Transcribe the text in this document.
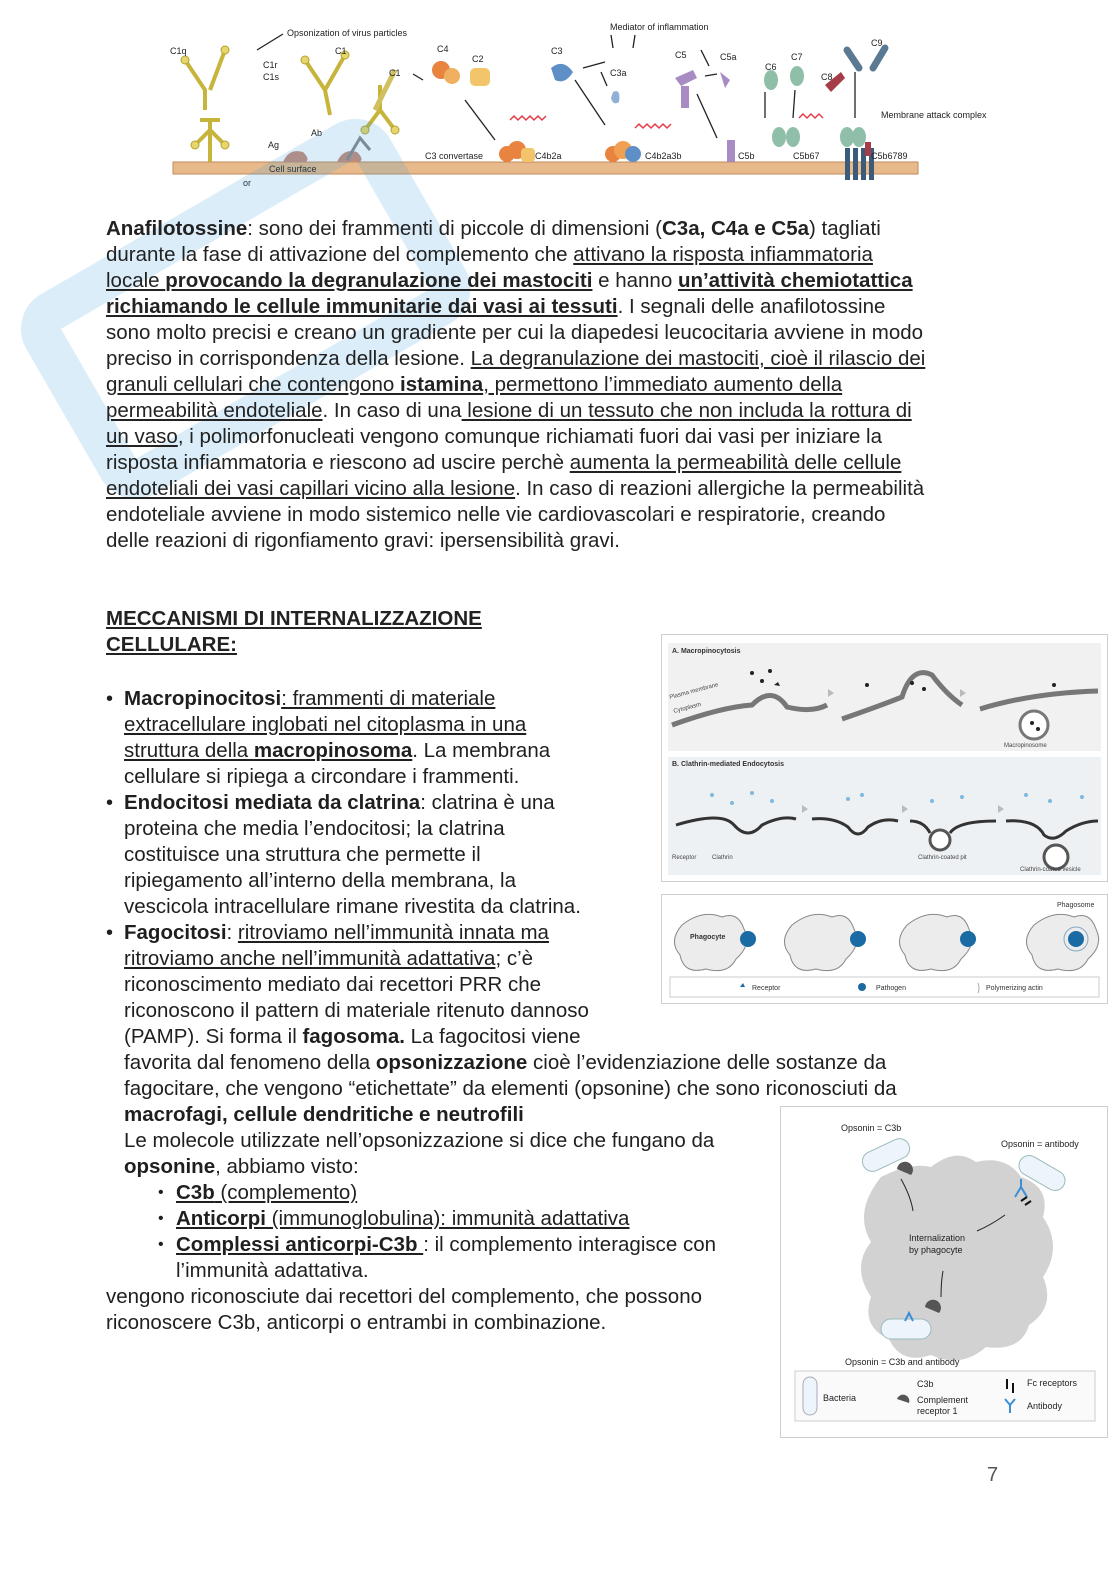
C1q
C1r
C1s
Opsonization of virus particles
C1
C1
C4
C2
C3
Mediator of inflammation
C3a
C5	C5a
C6
C7
C8
C9
Ag
Ab
Cell surface
or
C3 convertase	C4b2a	C4b2a3b	C5b	C5b67	C5b6789
Membrane attack complex
Anafilotossine: sono dei frammenti di piccole di dimensioni (C3a, C4a e C5a) tagliati
durante la fase di attivazione del complemento che attivano la risposta infiammatoria
locale provocando la degranulazione dei mastociti e hanno un’attività chemiotattica
richiamando le cellule immunitarie dai vasi ai tessuti. I segnali delle anafilotossine
sono molto precisi e creano un gradiente per cui la diapedesi leucocitaria avviene in modo
preciso in corrispondenza della lesione. La degranulazione dei mastociti, cioè il rilascio dei
granuli cellulari che contengono istamina, permettono l’immediato aumento della
permeabilità endoteliale. In caso di una lesione di un tessuto che non includa la rottura di
un vaso, i polimorfonucleati vengono comunque richiamati fuori dai vasi per iniziare la
risposta infiammatoria e riescono ad uscire perchè aumenta la permeabilità delle cellule
endoteliali dei vasi capillari vicino alla lesione. In caso di reazioni allergiche la permeabilità
endoteliale avviene in modo sistemico nelle vie cardiovascolari e respiratorie, creando
delle reazioni di rigonfiamento gravi: ipersensibilità gravi.
MECCANISMI DI INTERNALIZZAZIONE
CELLULARE:	A. Macropinocytosis
Plasma membrane
Cytoplasm
Macropinosome
B. Clathrin-mediated Endocytosis
Receptor	Clathrin	Clathrin-coated pit
Clathrin-coated vesicle
Phagocyte
Phagosome
Receptor	Pathogen	Polymerizing actin
Opsonin = C3b
Opsonin = antibody
Internalization
by phagocyte
Opsonin = C3b and antibody
Bacteria
C3b
Complement
receptor 1
Fc receptors
Antibody
• Macropinocitosi: frammenti di materiale
extracellulare inglobati nel citoplasma in una
struttura della macropinosoma. La membrana
cellulare si ripiega a circondare i frammenti.
• Endocitosi mediata da clatrina: clatrina è una
proteina che media l’endocitosi; la clatrina
costituisce una struttura che permette il
ripiegamento all’interno della membrana, la
vescicola intracellulare rimane rivestita da clatrina.
• Fagocitosi: ritroviamo nell’immunità innata ma
ritroviamo anche nell’immunità adattativa; c’è
riconoscimento mediato dai recettori PRR che
riconoscono il pattern di materiale ritenuto dannoso
(PAMP). Si forma il fagosoma. La fagocitosi viene
favorita dal fenomeno della opsonizzazione cioè l’evidenziazione delle sostanze da
fagocitare, che vengono “etichettate” da elementi (opsonine) che sono riconosciuti da
macrofagi, cellule dendritiche e neutrofili
Le molecole utilizzate nell’opsonizzazione si dice che fungano da
opsonine, abbiamo visto:
• C3b (complemento)
• Anticorpi (immunoglobulina): immunità adattativa
• Complessi anticorpi-C3b : il complemento interagisce con
l’immunità adattativa.
vengono riconosciute dai recettori del complemento, che possono
riconoscere C3b, anticorpi o entrambi in combinazione.
7
